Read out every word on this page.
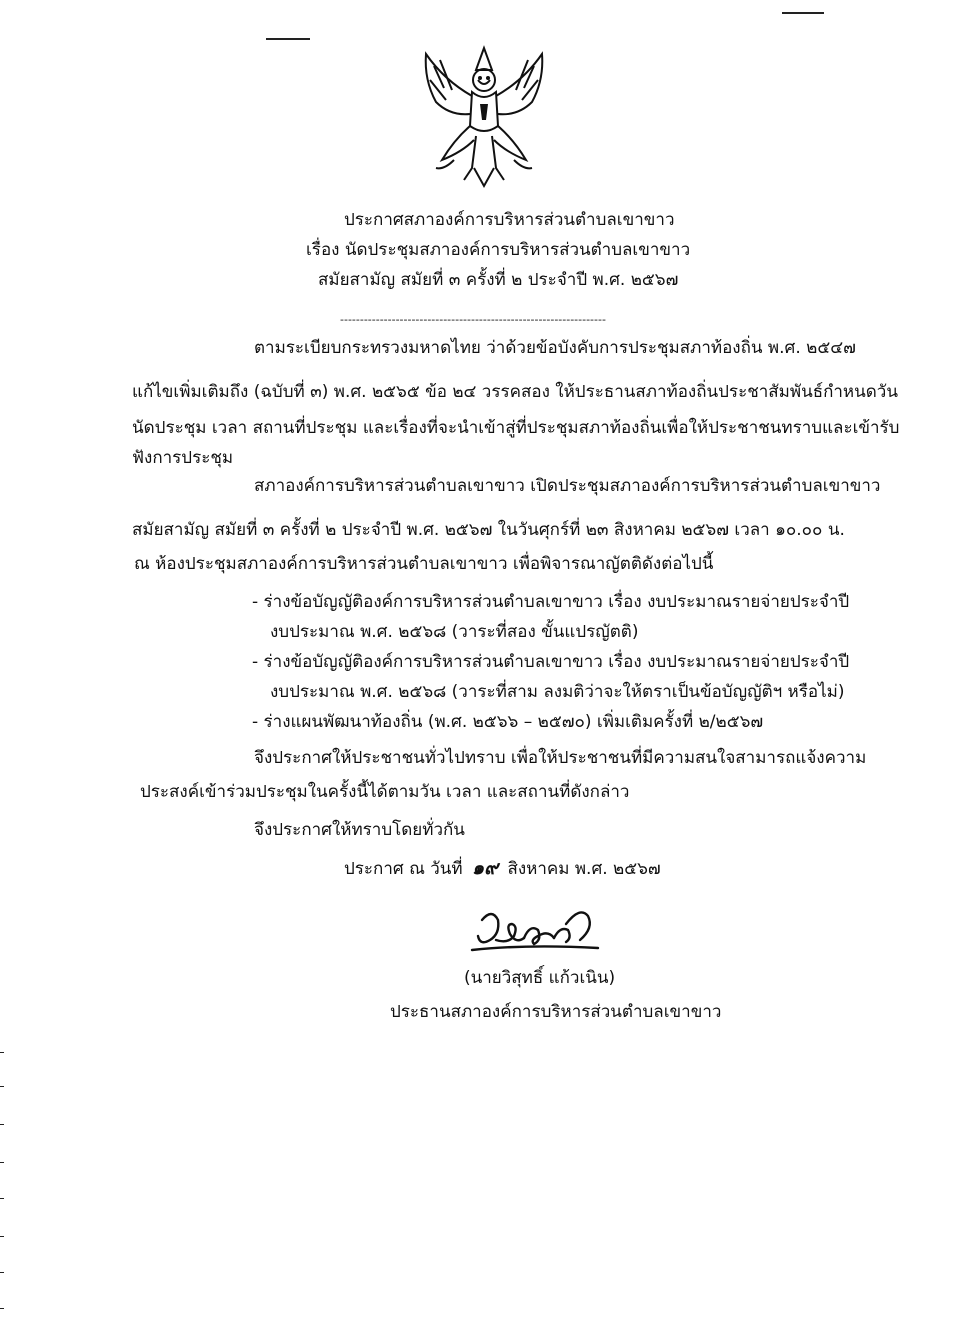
ประกาศสภาองค์การบริหารส่วนตำบลเขาขาว
เรื่อง นัดประชุมสภาองค์การบริหารส่วนตำบลเขาขาว
สมัยสามัญ สมัยที่ ๓ ครั้งที่ ๒ ประจำปี พ.ศ. ๒๕๖๗
-------------------------------------------------------------------
ตามระเบียบกระทรวงมหาดไทย ว่าด้วยข้อบังคับการประชุมสภาท้องถิ่น พ.ศ. ๒๕๔๗
แก้ไขเพิ่มเติมถึง (ฉบับที่ ๓) พ.ศ. ๒๕๖๕ ข้อ ๒๔ วรรคสอง ให้ประธานสภาท้องถิ่นประชาสัมพันธ์กำหนดวัน
นัดประชุม เวลา สถานที่ประชุม และเรื่องที่จะนำเข้าสู่ที่ประชุมสภาท้องถิ่นเพื่อให้ประชาชนทราบและเข้ารับ
ฟังการประชุม
สภาองค์การบริหารส่วนตำบลเขาขาว เปิดประชุมสภาองค์การบริหารส่วนตำบลเขาขาว
สมัยสามัญ สมัยที่ ๓ ครั้งที่ ๒ ประจำปี พ.ศ. ๒๕๖๗ ในวันศุกร์ที่ ๒๓ สิงหาคม ๒๕๖๗ เวลา ๑๐.๐๐ น.
ณ ห้องประชุมสภาองค์การบริหารส่วนตำบลเขาขาว เพื่อพิจารณาญัตติดังต่อไปนี้
- ร่างข้อบัญญัติองค์การบริหารส่วนตำบลเขาขาว เรื่อง งบประมาณรายจ่ายประจำปี
งบประมาณ พ.ศ. ๒๕๖๘ (วาระที่สอง ขั้นแปรญัตติ)
- ร่างข้อบัญญัติองค์การบริหารส่วนตำบลเขาขาว เรื่อง งบประมาณรายจ่ายประจำปี
งบประมาณ พ.ศ. ๒๕๖๘ (วาระที่สาม ลงมติว่าจะให้ตราเป็นข้อบัญญัติฯ หรือไม่)
- ร่างแผนพัฒนาท้องถิ่น (พ.ศ. ๒๕๖๖ – ๒๕๗๐) เพิ่มเติมครั้งที่ ๒/๒๕๖๗
จึงประกาศให้ประชาชนทั่วไปทราบ เพื่อให้ประชาชนที่มีความสนใจสามารถแจ้งความ
ประสงค์เข้าร่วมประชุมในครั้งนี้ได้ตามวัน เวลา และสถานที่ดังกล่าว
จึงประกาศให้ทราบโดยทั่วกัน
ประกาศ ณ วันที่ ๑๙ สิงหาคม พ.ศ. ๒๕๖๗
(นายวิสุทธิ์ แก้วเนิน)
ประธานสภาองค์การบริหารส่วนตำบลเขาขาว
